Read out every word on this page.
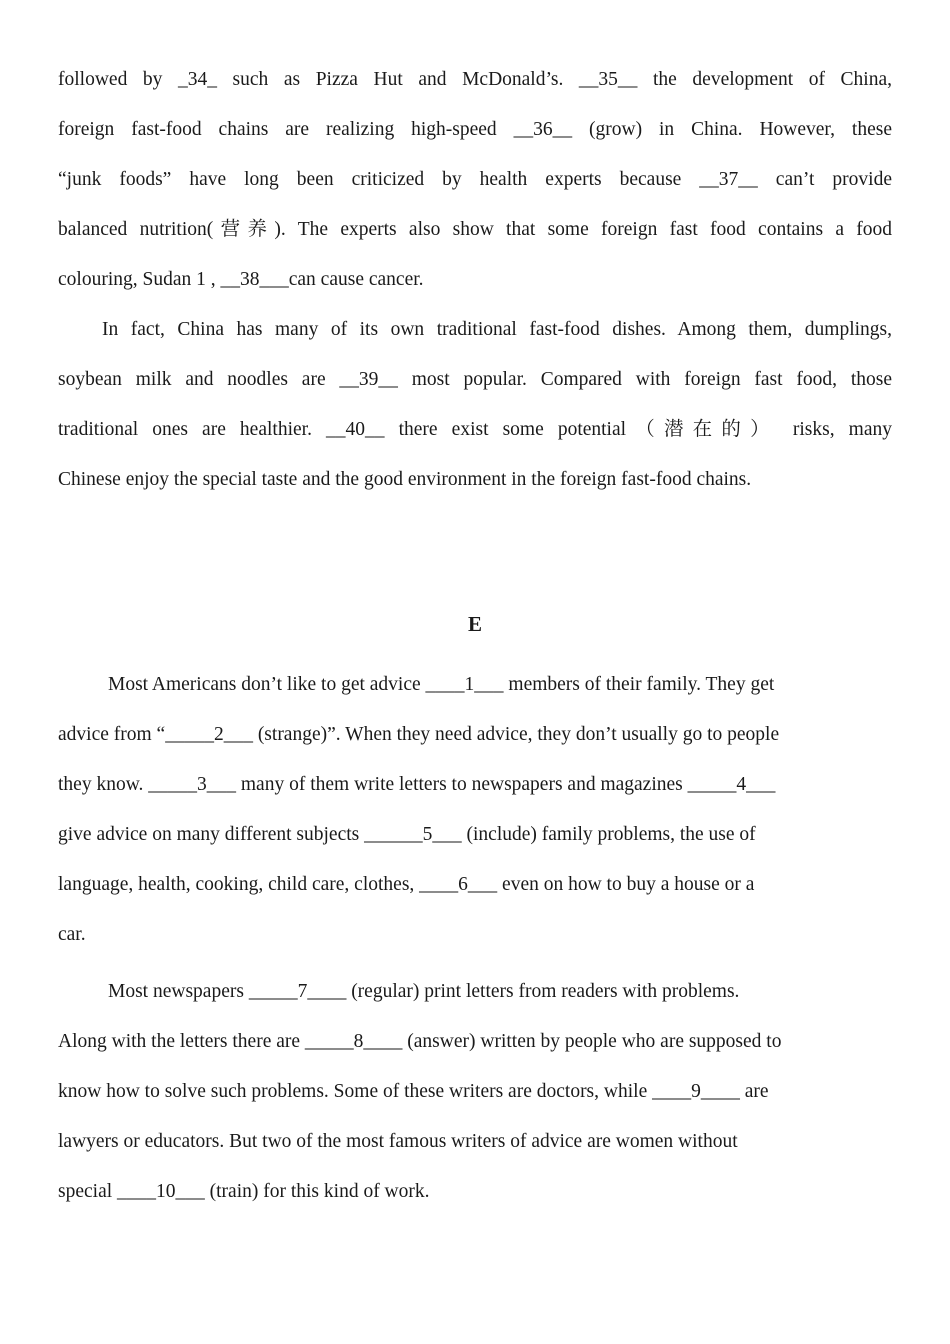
followed by _34_ such as Pizza Hut and McDonald’s. __35__ the development of China,
foreign fast-food chains are realizing high-speed __36__ (grow) in China. However, these
“junk foods” have long been criticized by health experts because __37__ can’t provide
balanced nutrition(营养). The experts also show that some foreign fast food contains a food
colouring, Sudan 1 , __38___can cause cancer.
In fact, China has many of its own traditional fast-food dishes. Among them, dumplings,
soybean milk and noodles are __39__ most popular. Compared with foreign fast food, those
traditional ones are healthier. __40__ there exist some potential（潜在的） risks, many
Chinese enjoy the special taste and the good environment in the foreign fast-food chains.
E
Most Americans don’t like to get advice ____1___ members of their family. They get
advice from “_____2___ (strange)”. When they need advice, they don’t usually go to people
they know. _____3___ many of them write letters to newspapers and magazines _____4___
give advice on many different subjects ______5___ (include) family problems, the use of
language, health, cooking, child care, clothes, ____6___ even on how to buy a house or a
car.
Most newspapers _____7____ (regular) print letters from readers with problems.
Along with the letters there are _____8____ (answer) written by people who are supposed to
know how to solve such problems. Some of these writers are doctors, while ____9____ are
lawyers or educators. But two of the most famous writers of advice are women without
special ____10___ (train) for this kind of work.
